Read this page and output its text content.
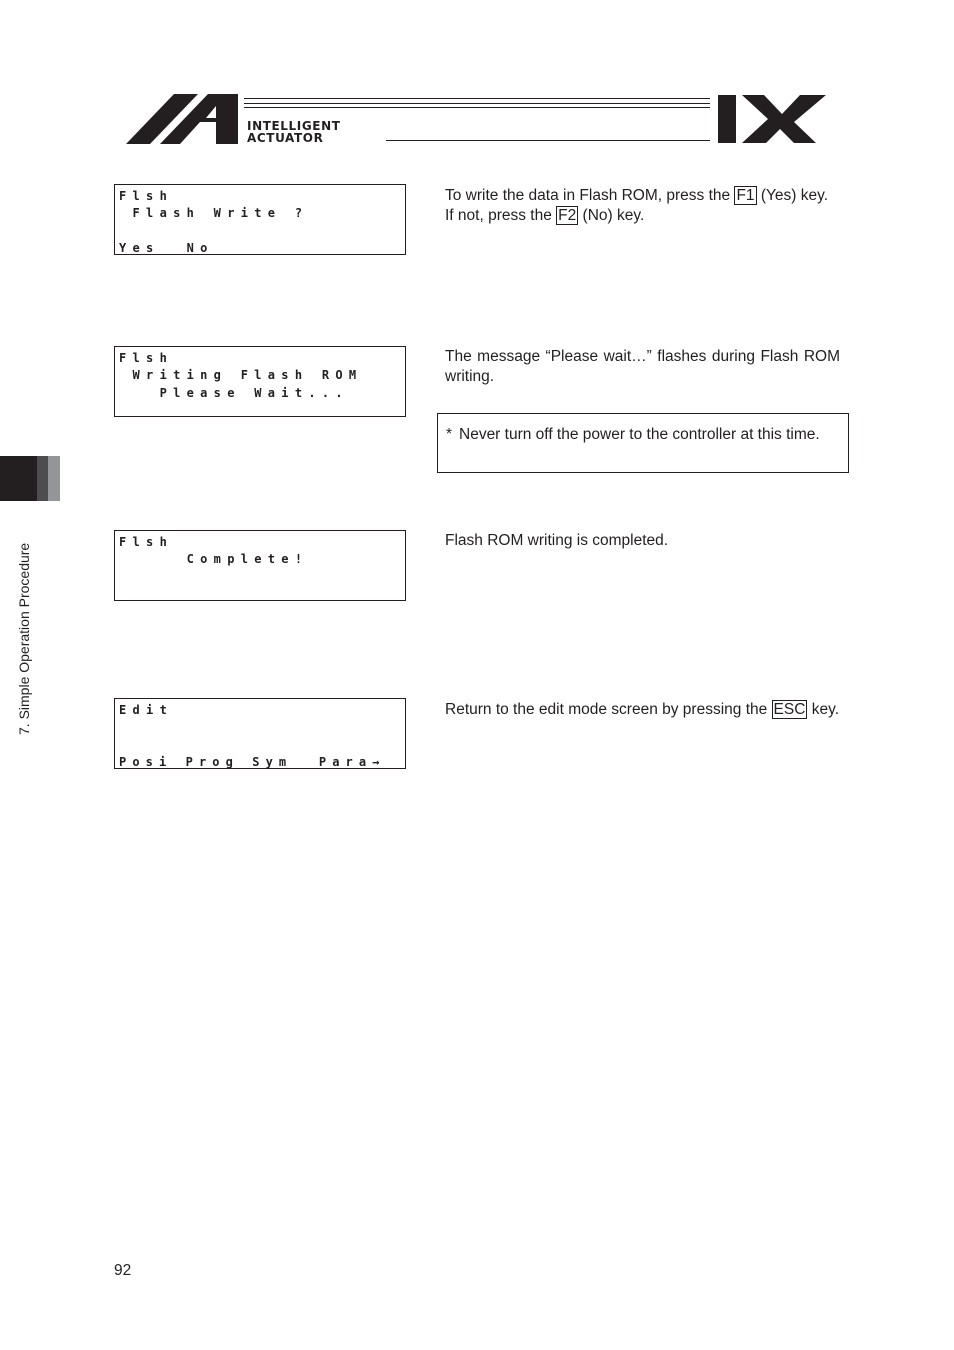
INTELLIGENT
ACTUATOR
Flsh
Flash Write ?
Yes  No
Flsh
Writing Flash ROM
Please Wait...
Flsh
Complete!
Edit
Posi Prog Sym  Para→
To write the data in Flash ROM, press the F1 (Yes) key.
If not, press the F2 (No) key.
The message “Please wait…” flashes during Flash ROM writing.
* Never turn off the power to the controller at this time.
Flash ROM writing is completed.
Return to the edit mode screen by pressing the ESC key.
7. Simple Operation Procedure
92
